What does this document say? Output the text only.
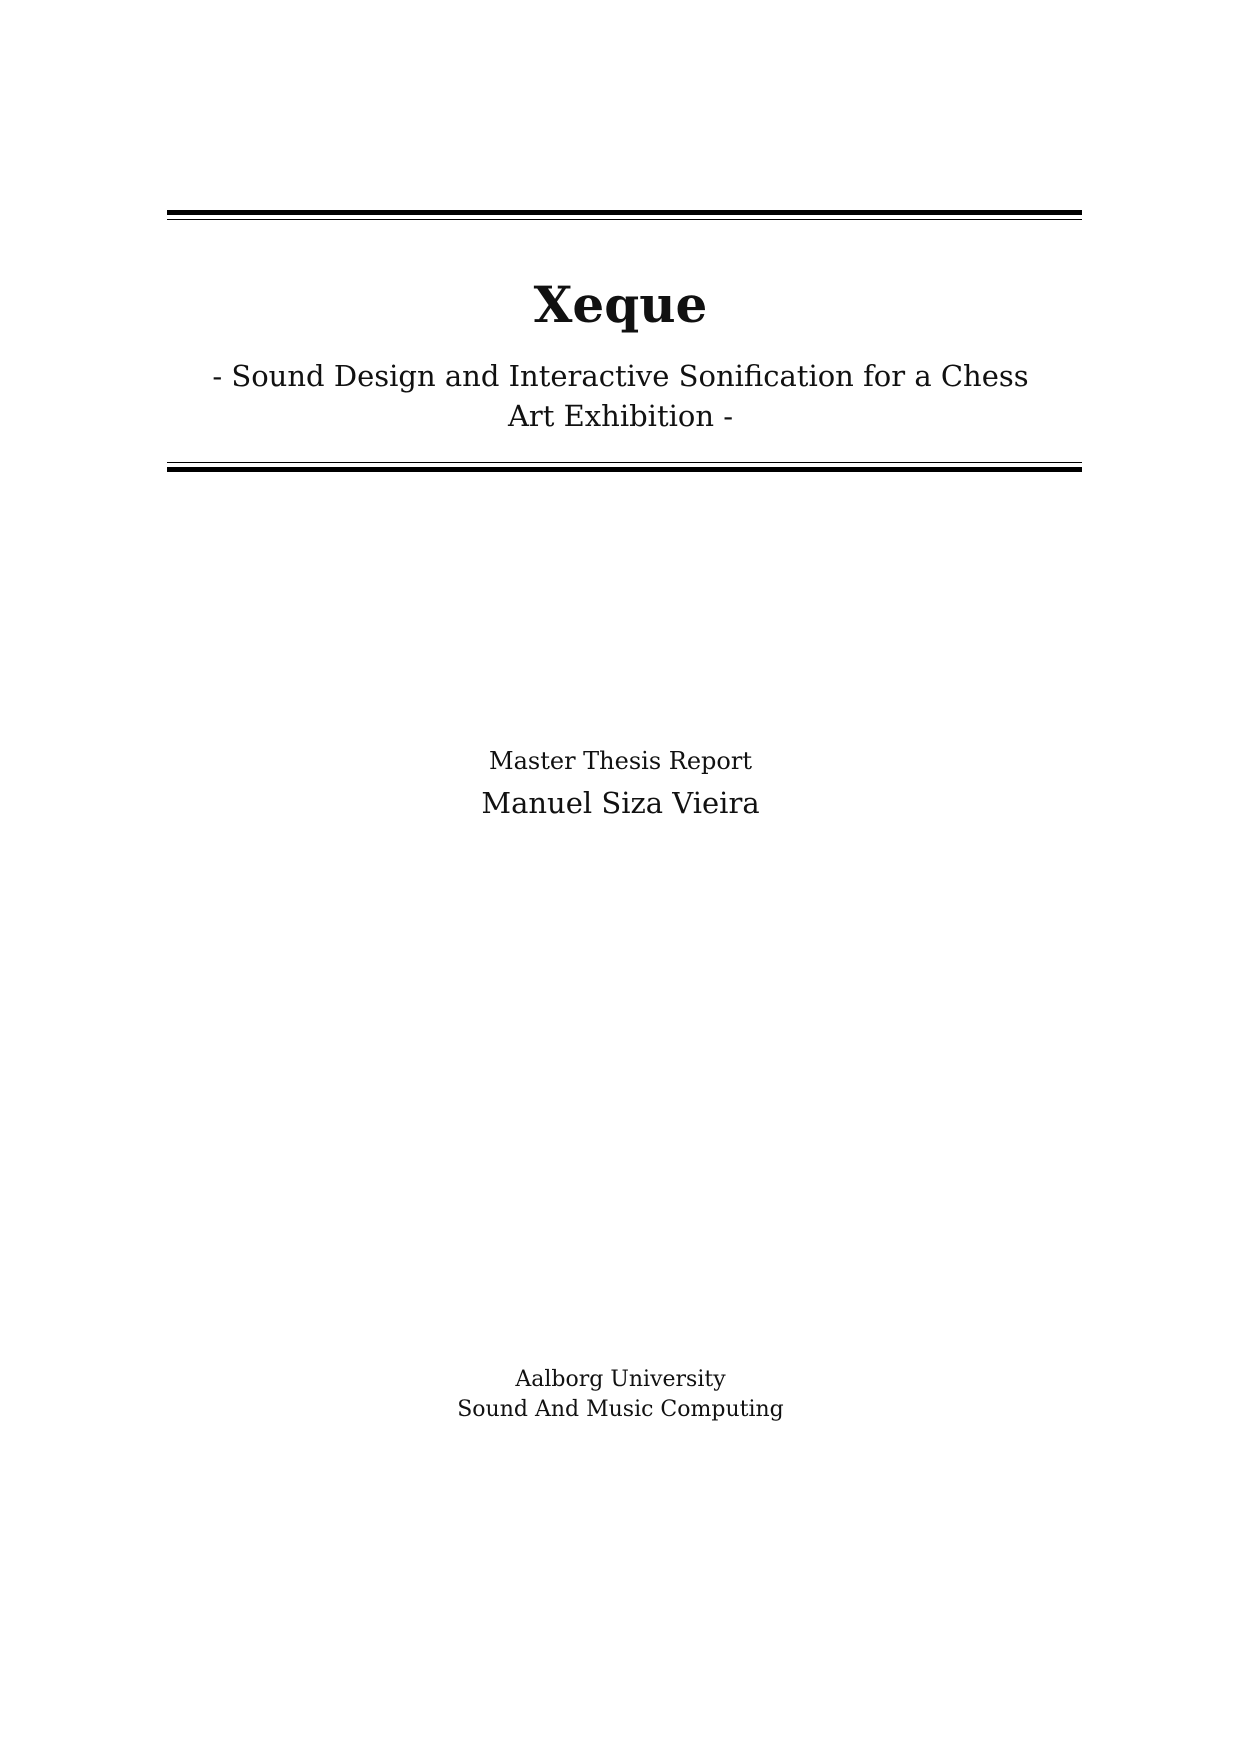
Xeque

- Sound Design and Interactive Sonification for a Chess Art Exhibition -

Master Thesis Report
Manuel Siza Vieira
Aalborg University
Sound And Music Computing
